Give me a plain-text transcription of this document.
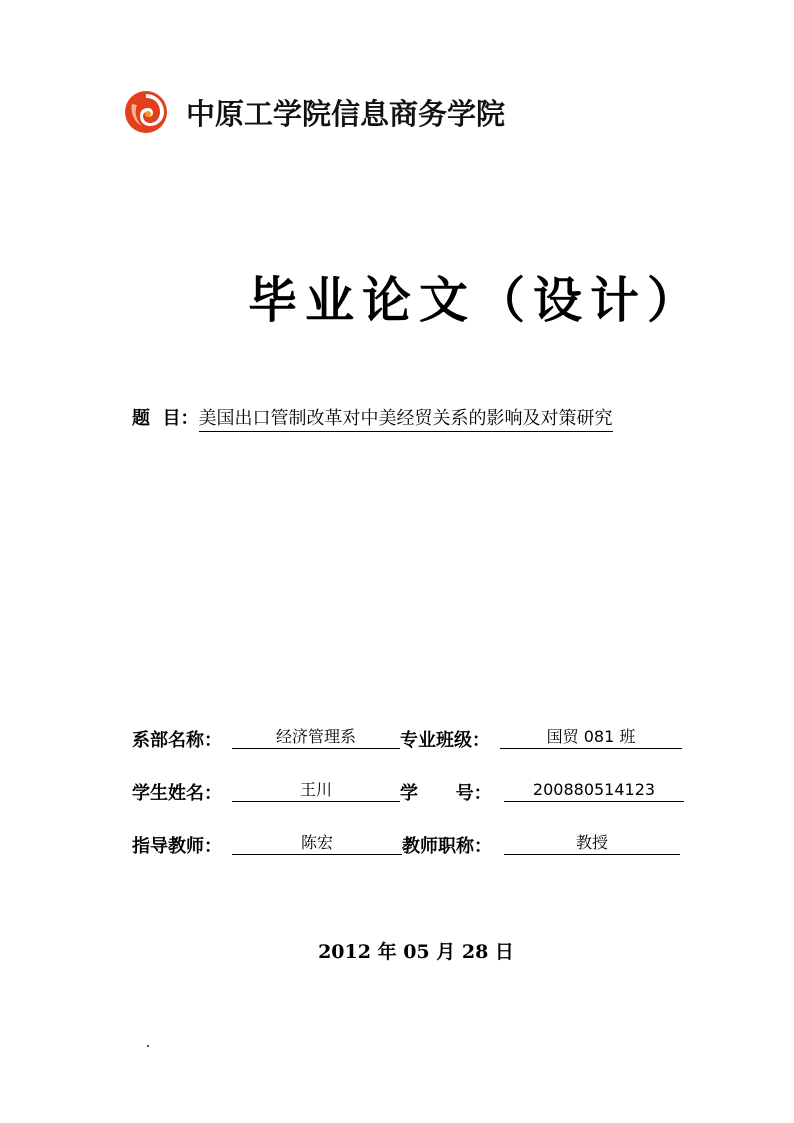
中原工学院信息商务学院
毕业论文（设计）
题  目： 美国出口管制改革对中美经贸关系的影响及对策研究
系部名称：	经济管理系	专业班级：	国贸 081 班
学生姓名：	王川	学      号：	200880514123
指导教师：	陈宏	教师职称：	教授
2012 年 05 月 28 日
